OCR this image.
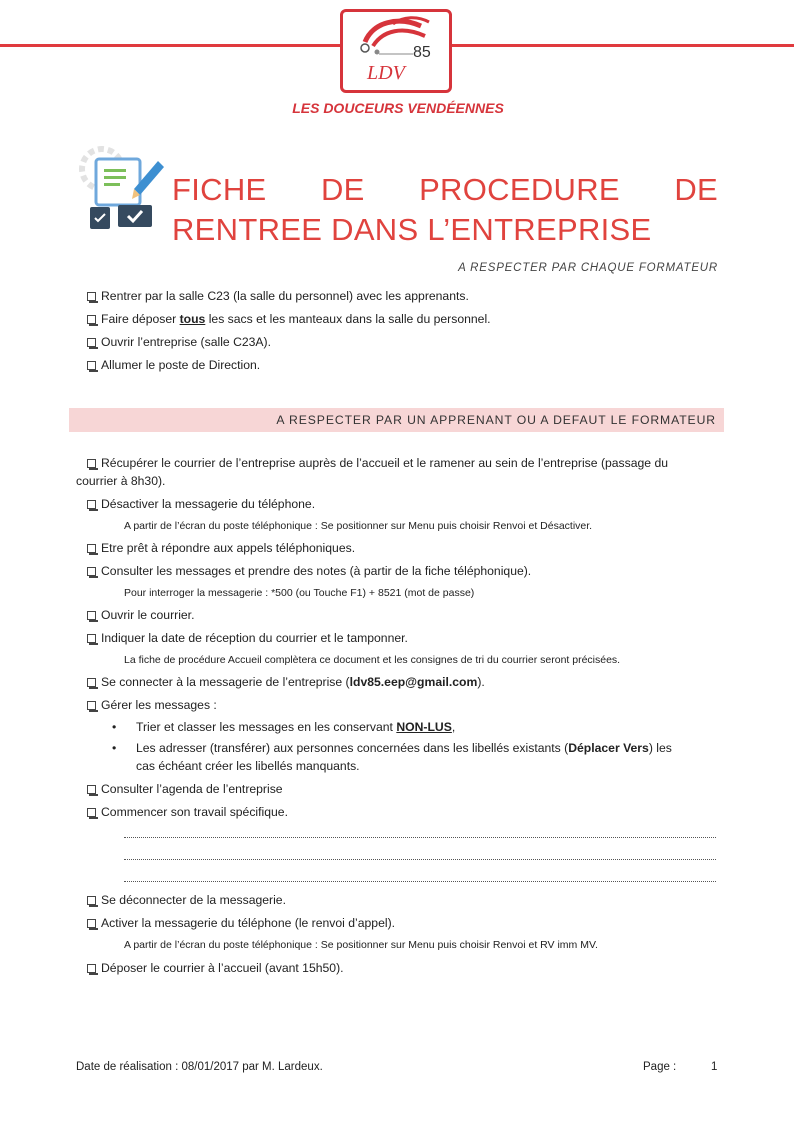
85
LDV
LES DOUCEURS VENDÉENNES
FICHE DE PROCEDURE DE
RENTREE DANS L’ENTREPRISE
A RESPECTER PAR CHAQUE FORMATEUR
Rentrer par la salle C23 (la salle du personnel) avec les apprenants.
Faire déposer tous les sacs et les manteaux dans la salle du personnel.
Ouvrir l’entreprise (salle C23A).
Allumer le poste de Direction.
A RESPECTER PAR UN APPRENANT OU A DEFAUT LE FORMATEUR
Récupérer le courrier de l’entreprise auprès de l’accueil et le ramener au sein de l’entreprise (passage du
courrier à 8h30).
Désactiver la messagerie du téléphone.
A partir de l’écran du poste téléphonique : Se positionner sur Menu puis choisir Renvoi et Désactiver.
Etre prêt à répondre aux appels téléphoniques.
Consulter les messages et prendre des notes (à partir de la fiche téléphonique).
Pour interroger la messagerie : *500 (ou Touche F1) + 8521 (mot de passe)
Ouvrir le courrier.
Indiquer la date de réception du courrier et le tamponner.
La fiche de procédure Accueil complètera ce document et les consignes de tri du courrier seront précisées.
Se connecter à la messagerie de l’entreprise (ldv85.eep@gmail.com).
Gérer les messages :
• Trier et classer les messages en les conservant NON-LUS,
• Les adresser (transférer) aux personnes concernées dans les libellés existants (Déplacer Vers) les
cas échéant créer les libellés manquants.
Consulter l’agenda de l’entreprise
Commencer son travail spécifique.
Se déconnecter de la messagerie.
Activer la messagerie du téléphone (le renvoi d’appel).
A partir de l’écran du poste téléphonique : Se positionner sur Menu puis choisir Renvoi et RV imm MV.
Déposer le courrier à l’accueil (avant 15h50).
Date de réalisation : 08/01/2017 par M. Lardeux.	Page :	1
